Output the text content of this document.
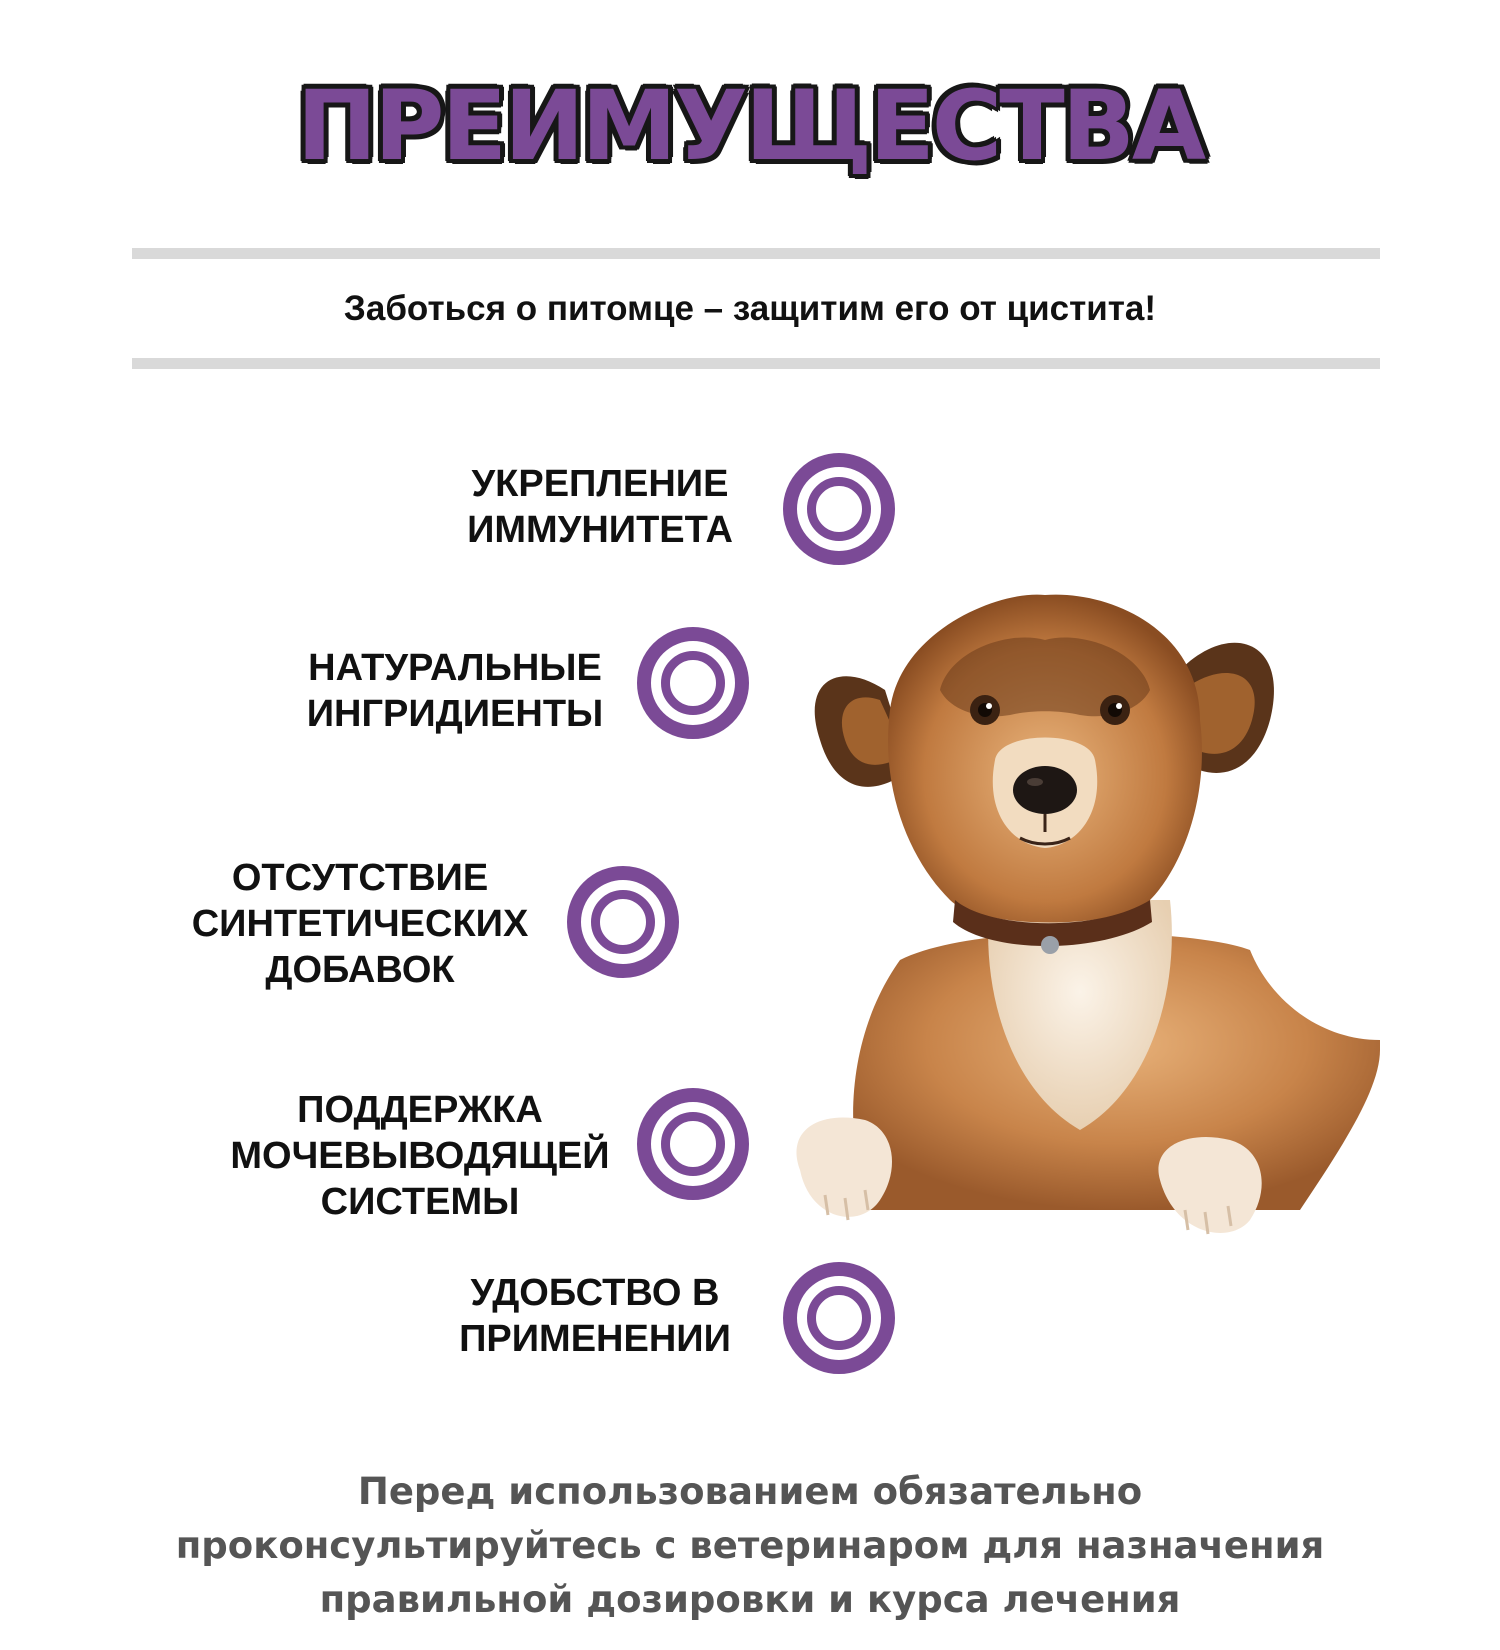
ПРЕИМУЩЕСТВА
Заботься о питомце – защитим его от цистита!
УКРЕПЛЕНИЕ
ИММУНИТЕТА
НАТУРАЛЬНЫЕ
ИНГРИДИЕНТЫ
ОТСУТСТВИЕ
СИНТЕТИЧЕСКИХ
ДОБАВОК
ПОДДЕРЖКА
МОЧЕВЫВОДЯЩЕЙ
СИСТЕМЫ
УДОБСТВО В
ПРИМЕНЕНИИ
Перед использованием обязательно
проконсультируйтесь с ветеринаром для назначения
правильной дозировки и курса лечения
